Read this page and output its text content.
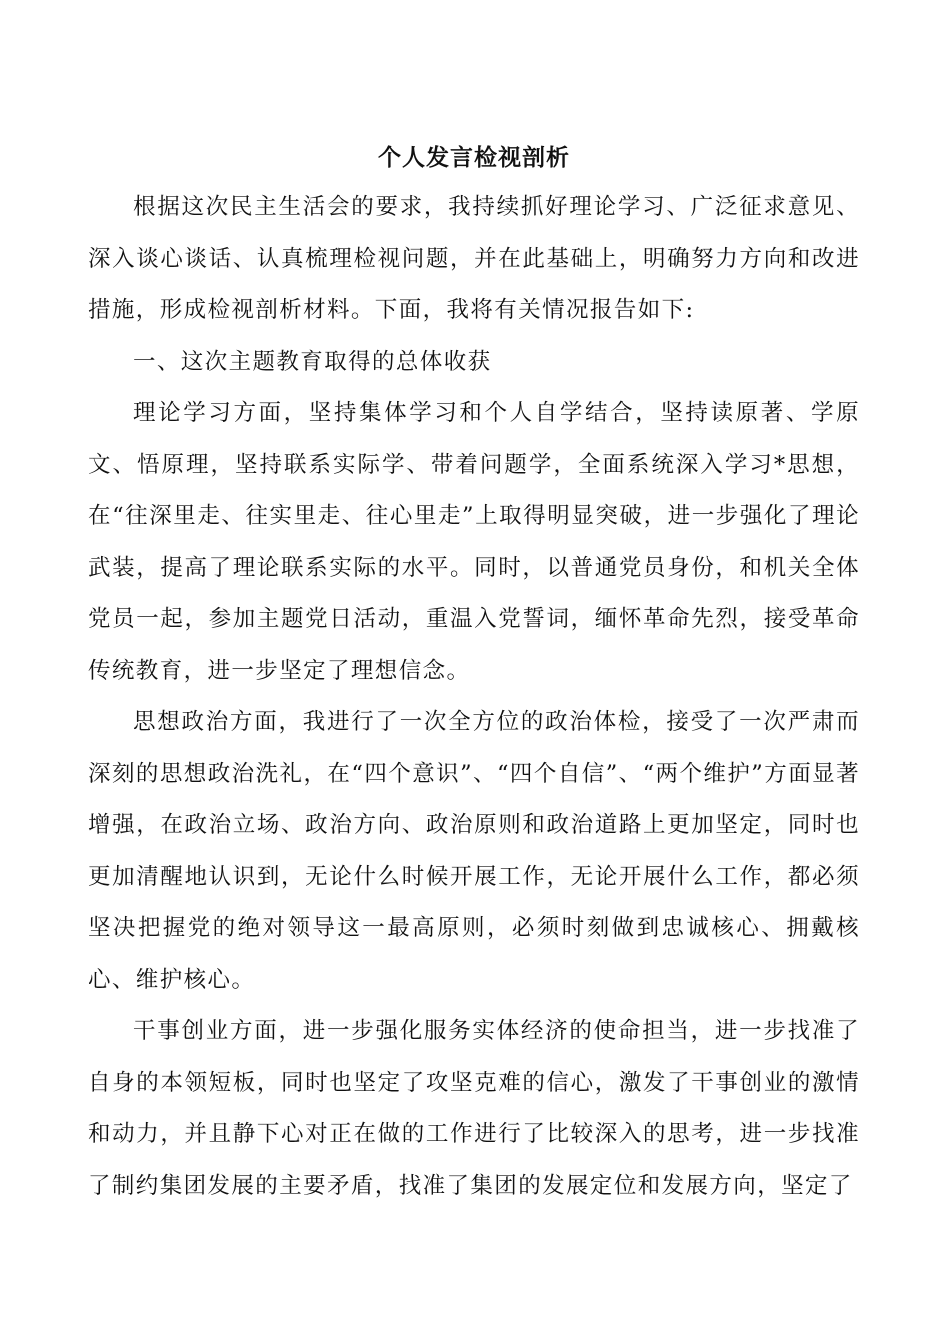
个人发言检视剖析

根据这次民主生活会的要求，我持续抓好理论学习、广泛征求意见、深入谈心谈话、认真梳理检视问题，并在此基础上，明确努力方向和改进措施，形成检视剖析材料。下面，我将有关情况报告如下:

一、这次主题教育取得的总体收获

理论学习方面，坚持集体学习和个人自学结合，坚持读原著、学原文、悟原理，坚持联系实际学、带着问题学，全面系统深入学习*思想，在“往深里走、往实里走、往心里走”上取得明显突破，进一步强化了理论武装，提高了理论联系实际的水平。同时，以普通党员身份，和机关全体党员一起，参加主题党日活动，重温入党誓词，缅怀革命先烈，接受革命传统教育，进一步坚定了理想信念。

思想政治方面，我进行了一次全方位的政治体检，接受了一次严肃而深刻的思想政治洗礼，在“四个意识”、“四个自信”、“两个维护”方面显著增强，在政治立场、政治方向、政治原则和政治道路上更加坚定，同时也更加清醒地认识到，无论什么时候开展工作，无论开展什么工作，都必须坚决把握党的绝对领导这一最高原则，必须时刻做到忠诚核心、拥戴核心、维护核心。

干事创业方面，进一步强化服务实体经济的使命担当，进一步找准了自身的本领短板，同时也坚定了攻坚克难的信心，激发了干事创业的激情和动力，并且静下心对正在做的工作进行了比较深入的思考，进一步找准了制约集团发展的主要矛盾，找准了集团的发展定位和发展方向，坚定了
